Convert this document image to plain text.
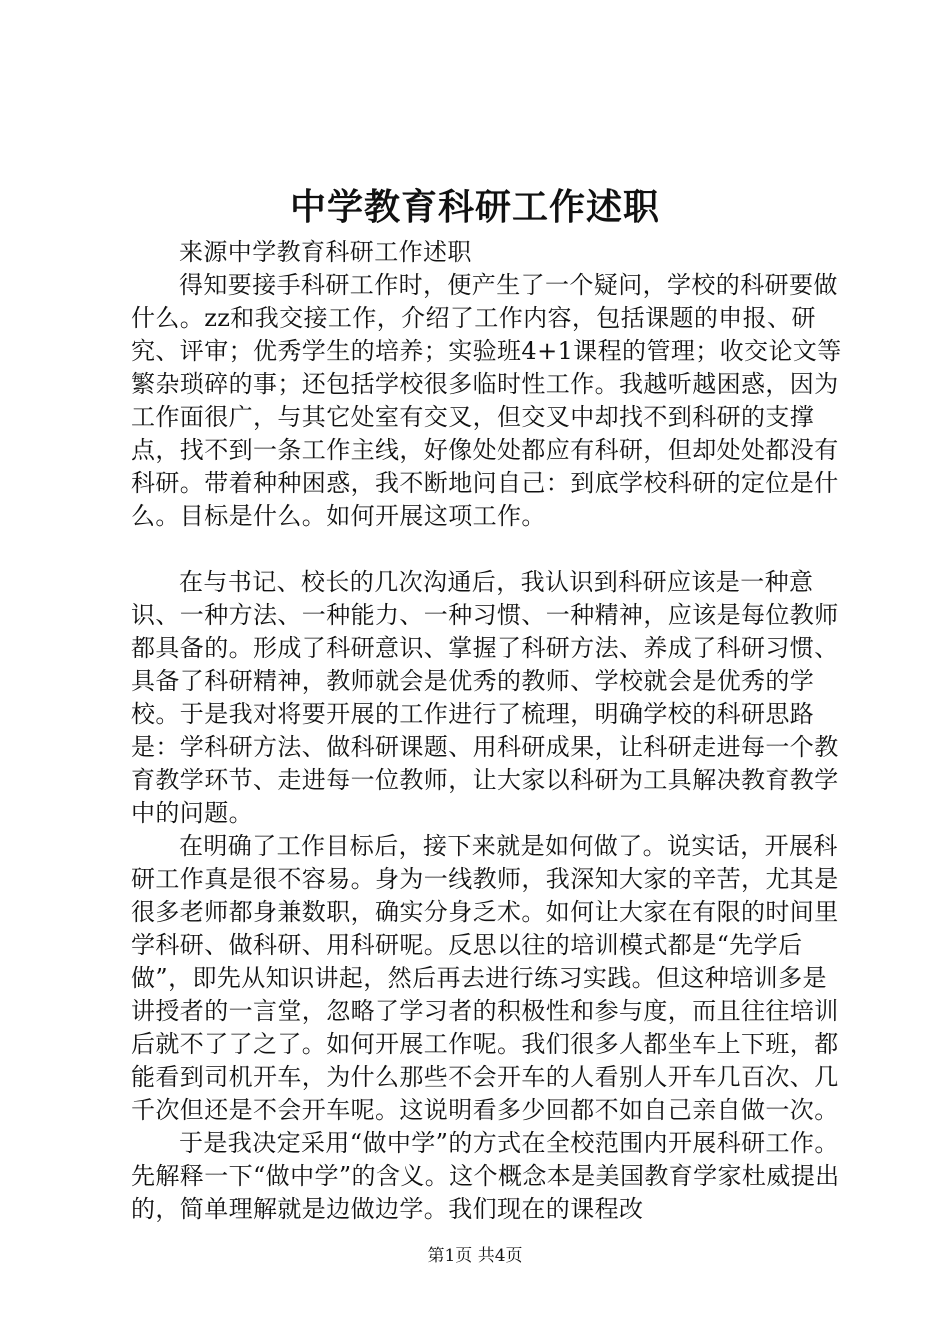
中学教育科研工作述职

来源中学教育科研工作述职

得知要接手科研工作时，便产生了一个疑问，学校的科研要做什么。zz和我交接工作，介绍了工作内容，包括课题的申报、研究、评审；优秀学生的培养；实验班4+1课程的管理；收交论文等繁杂琐碎的事；还包括学校很多临时性工作。我越听越困惑，因为工作面很广，与其它处室有交叉，但交叉中却找不到科研的支撑点，找不到一条工作主线，好像处处都应有科研，但却处处都没有科研。带着种种困惑，我不断地问自己：到底学校科研的定位是什么。目标是什么。如何开展这项工作。

在与书记、校长的几次沟通后，我认识到科研应该是一种意识、一种方法、一种能力、一种习惯、一种精神，应该是每位教师都具备的。形成了科研意识、掌握了科研方法、养成了科研习惯、具备了科研精神，教师就会是优秀的教师、学校就会是优秀的学校。于是我对将要开展的工作进行了梳理，明确学校的科研思路是：学科研方法、做科研课题、用科研成果，让科研走进每一个教育教学环节、走进每一位教师，让大家以科研为工具解决教育教学中的问题。

在明确了工作目标后，接下来就是如何做了。说实话，开展科研工作真是很不容易。身为一线教师，我深知大家的辛苦，尤其是很多老师都身兼数职，确实分身乏术。如何让大家在有限的时间里学科研、做科研、用科研呢。反思以往的培训模式都是“先学后做”，即先从知识讲起，然后再去进行练习实践。但这种培训多是讲授者的一言堂，忽略了学习者的积极性和参与度，而且往往培训后就不了了之了。如何开展工作呢。我们很多人都坐车上下班，都能看到司机开车，为什么那些不会开车的人看别人开车几百次、几千次但还是不会开车呢。这说明看多少回都不如自己亲自做一次。

于是我决定采用“做中学”的方式在全校范围内开展科研工作。先解释一下“做中学”的含义。这个概念本是美国教育学家杜威提出的，简单理解就是边做边学。我们现在的课程改

第1页 共4页
